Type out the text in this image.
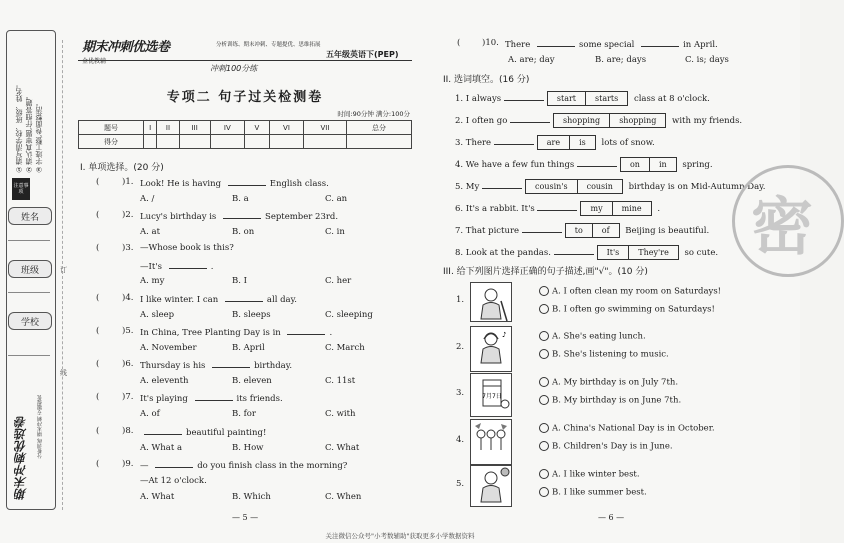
①请写清学校、班级、姓名。 ②请认真审题,仔细答题。 ③字迹工整,卷面整洁。
注意事项
姓名
班级
学校
期末冲刺优选卷	分析训练 期末冲刺 专题提优
订
线
期末冲刺优选卷
金优教辅
分析训练、期末冲刺、专题提优、思维拓展
五年级英语下(PEP)
冲刺100分练
专项二 句子过关检测卷
时间:90分钟 满分:100分
题号	I	II	III	IV	V	VI	VII	总分
得分								
I. 单项选择。(20 分)
(	)1. Look! He is having	English class.
A. /	B. a	C. an
(	)2. Lucy's birthday is	September 23rd.
A. at	B. on	C. in
(	)3. —Whose book is this?
—It's	.
A. my	B. I	C. her
(	)4. I like winter. I can	all day.
A. sleep	B. sleeps	C. sleeping
(	)5. In China, Tree Planting Day is in	.
A. November	B. April	C. March
(	)6. Thursday is his	birthday.
A. eleventh	B. eleven	C. 11st
(	)7. It's playing	its friends.
A. of	B. for	C. with
(	)8.	beautiful painting!
A. What a	B. How	C. What
(	)9. —	do you finish class in the morning?
—At 12 o'clock.
A. What	B. Which	C. When
— 5 —
(	)10. There	some special	in April.
A. are; day	B. are; days	C. is; days
II. 选词填空。(16 分)
1. I always	start	starts	class at 8 o'clock.
2. I often go	shopping	shopping	with my friends.
3. There	are	is	lots of snow.
4. We have a few fun things	on	in	spring.
5. My	cousin's	cousin	birthday is on Mid-Autumn Day.
6. It's a rabbit. It's	my	mine	.
7. That picture	to	of	Beijing is beautiful.
8. Look at the pandas.	It's	They're	so cute.
III. 给下列图片选择正确的句子描述,画"√"。(10 分)
1.
A. I often clean my room on Saturdays!
B. I often go swimming on Saturdays!
2.
♪	A. She's eating lunch.
B. She's listening to music.
3.	7月7日
A. My birthday is on July 7th.
B. My birthday is on June 7th.
4.
A. China's National Day is in October.
B. Children's Day is in June.
5.
A. I like winter best.
B. I like summer best.
— 6 —
密
关注微信公众号"小考数辅助"获取更多小学数据资料
